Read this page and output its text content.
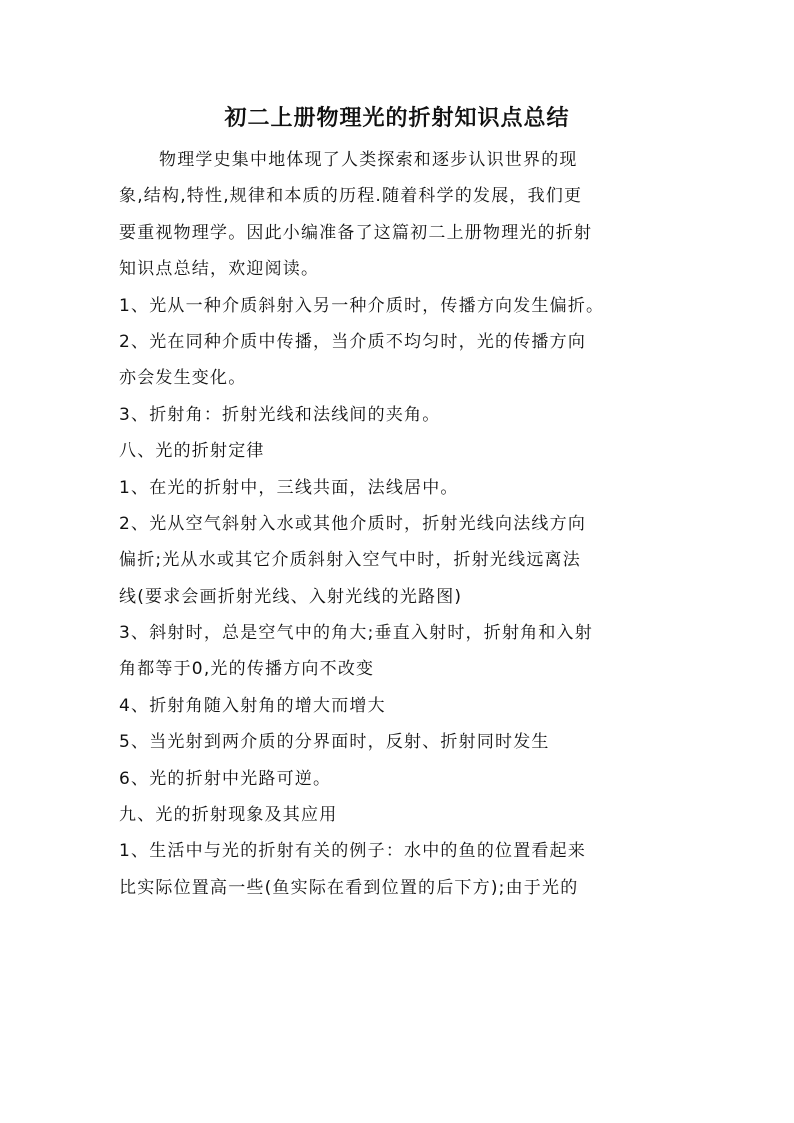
初二上册物理光的折射知识点总结
物理学史集中地体现了人类探索和逐步认识世界的现
象,结构,特性,规律和本质的历程.随着科学的发展，我们更
要重视物理学。因此小编准备了这篇初二上册物理光的折射
知识点总结，欢迎阅读。
1、光从一种介质斜射入另一种介质时，传播方向发生偏折。
2、光在同种介质中传播，当介质不均匀时，光的传播方向
亦会发生变化。
3、折射角：折射光线和法线间的夹角。
八、光的折射定律
1、在光的折射中，三线共面，法线居中。
2、光从空气斜射入水或其他介质时，折射光线向法线方向
偏折;光从水或其它介质斜射入空气中时，折射光线远离法
线(要求会画折射光线、入射光线的光路图)
3、斜射时，总是空气中的角大;垂直入射时，折射角和入射
角都等于0,光的传播方向不改变
4、折射角随入射角的增大而增大
5、当光射到两介质的分界面时，反射、折射同时发生
6、光的折射中光路可逆。
九、光的折射现象及其应用
1、生活中与光的折射有关的例子：水中的鱼的位置看起来
比实际位置高一些(鱼实际在看到位置的后下方);由于光的
